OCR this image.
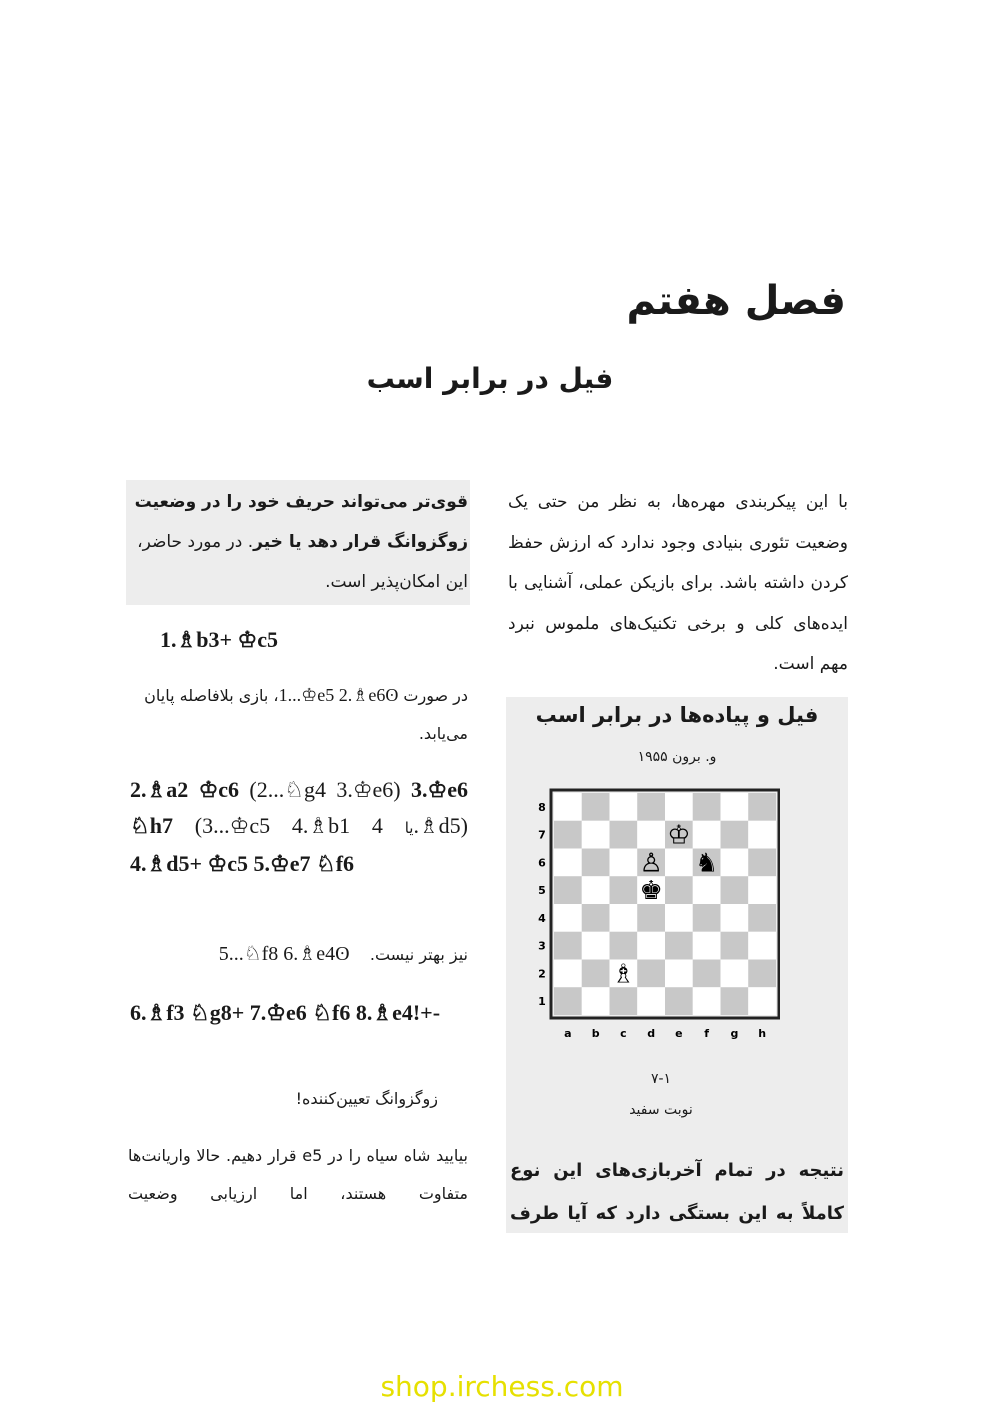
فصل هفتم
فیل در برابر اسب
با این پیکربندی مهره‌ها، به نظر من حتی یک وضعیت تئوری بنیادی وجود ندارد که ارزش حفظ کردن داشته باشد. برای بازیکن عملی، آشنایی با ایده‌های کلی و برخی تکنیک‌های ملموس نبرد مهم است.
فیل و پیاده‌ها در برابر اسب
و. برون ۱۹۵۵
8
7
6
5
4
3
2
1
a b c d e f g h
♔
♙ ♞
♚
♗
۷-۱
نوبت سفید
نتیجه در تمام آخربازی‌های این نوع کاملاً به این بستگی دارد که آیا طرف
قوی‌تر می‌تواند حریف خود را در وضعیت زوگزوانگ قرار دهد یا خیر. در مورد حاضر، این امکان‌پذیر است.
1.♗b3+ ♔c5
در صورت 1...♔e5 2.♗e6ʘ، بازی بلافاصله پایان می‌یابد.
2.♗a2 ♔c6 (2...♘g4 3.♔e6) 3.♔e6 ♘h7 (3...♔c5 4.♗b1	یا 4.♗d5) 4.♗d5+ ♔c5 5.♔e7 ♘f6
نیز بهتر نیست.    5...♘f8 6.♗e4ʘ
6.♗f3 ♘g8+ 7.♔e6 ♘f6 8.♗e4!+-
زوگزوانگ تعیین‌کننده!
بیایید شاه سیاه را در e5 قرار دهیم. حالا واریانت‌ها متفاوت هستند، اما ارزیابی وضعیت
shop.irchess.com
